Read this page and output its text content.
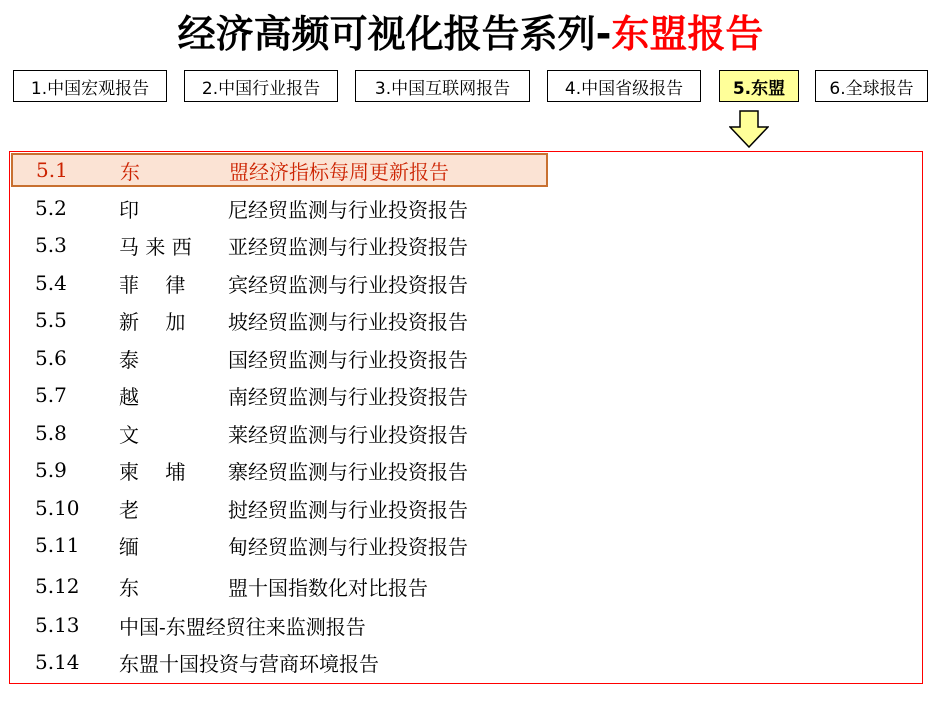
经济高频可视化报告系列-东盟报告
1.中国宏观报告	2.中国行业报告	3.中国互联网报告	4.中国省级报告	5.东盟	6.全球报告
5.1	东	盟经济指标每周更新报告
5.2	印	尼经贸监测与行业投资报告
5.3	马 来 西 亚经贸监测与行业投资报告
5.4	菲　 律 宾经贸监测与行业投资报告
5.5	新　 加 坡经贸监测与行业投资报告
5.6	泰	国经贸监测与行业投资报告
5.7	越	南经贸监测与行业投资报告
5.8	文	莱经贸监测与行业投资报告
5.9	柬　 埔 寨经贸监测与行业投资报告
5.10 老	挝经贸监测与行业投资报告
5.11 缅	甸经贸监测与行业投资报告
5.12 东	盟十国指数化对比报告
5.13 中国-东盟经贸往来监测报告
5.14 东盟十国投资与营商环境报告
